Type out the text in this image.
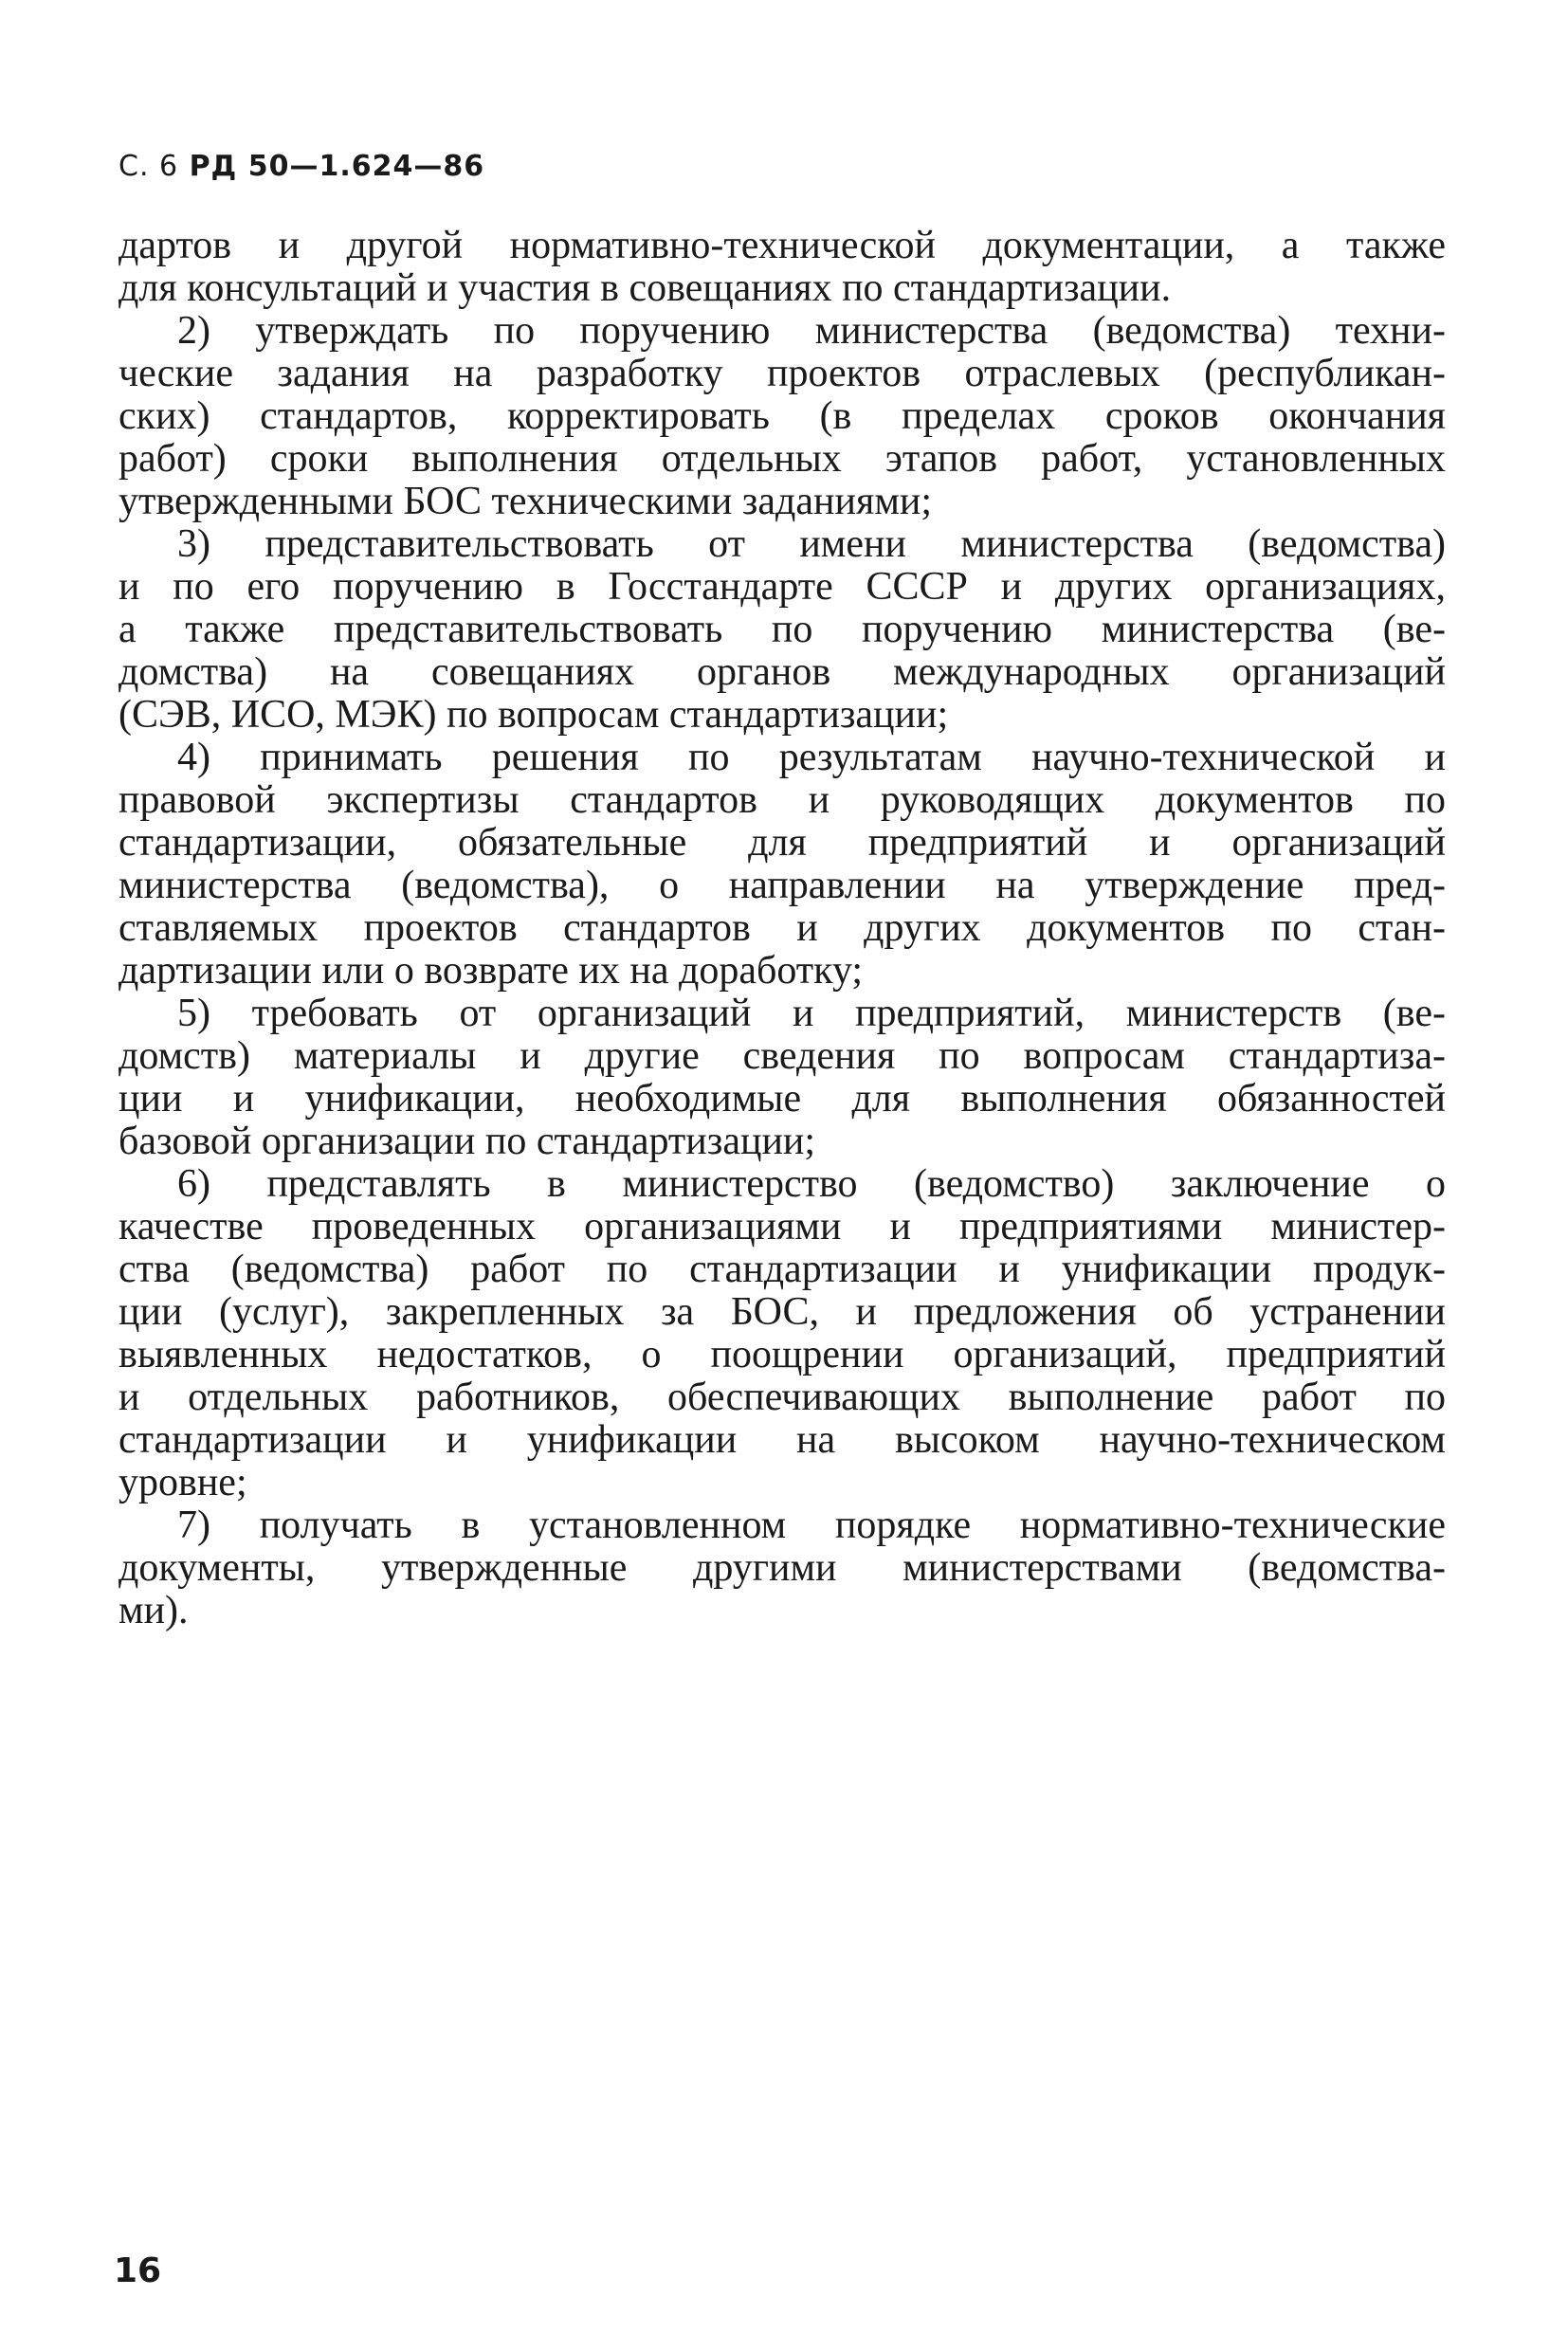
С. 6 РД 50—1.624—86
дартов и другой нормативно-технической документации, а также
для консультаций и участия в совещаниях по стандартизации.
2) утверждать по поручению министерства (ведомства) техни-
ческие задания на разработку проектов отраслевых (республикан-
ских) стандартов, корректировать (в пределах сроков окончания
работ) сроки выполнения отдельных этапов работ, установленных
утвержденными БОС техническими заданиями;
3) представительствовать от имени министерства (ведомства)
и по его поручению в Госстандарте СССР и других организациях,
а также представительствовать по поручению министерства (ве-
домства) на совещаниях органов международных организаций
(СЭВ, ИСО, МЭК) по вопросам стандартизации;
4) принимать решения по результатам научно-технической и
правовой экспертизы стандартов и руководящих документов по
стандартизации, обязательные для предприятий и организаций
министерства (ведомства), о направлении на утверждение пред-
ставляемых проектов стандартов и других документов по стан-
дартизации или о возврате их на доработку;
5) требовать от организаций и предприятий, министерств (ве-
домств) материалы и другие сведения по вопросам стандартиза-
ции и унификации, необходимые для выполнения обязанностей
базовой организации по стандартизации;
6) представлять в министерство (ведомство) заключение о
качестве проведенных организациями и предприятиями министер-
ства (ведомства) работ по стандартизации и унификации продук-
ции (услуг), закрепленных за БОС, и предложения об устранении
выявленных недостатков, о поощрении организаций, предприятий
и отдельных работников, обеспечивающих выполнение работ по
стандартизации и унификации на высоком научно-техническом
уровне;
7) получать в установленном порядке нормативно-технические
документы, утвержденные другими министерствами (ведомства-
ми).
16
